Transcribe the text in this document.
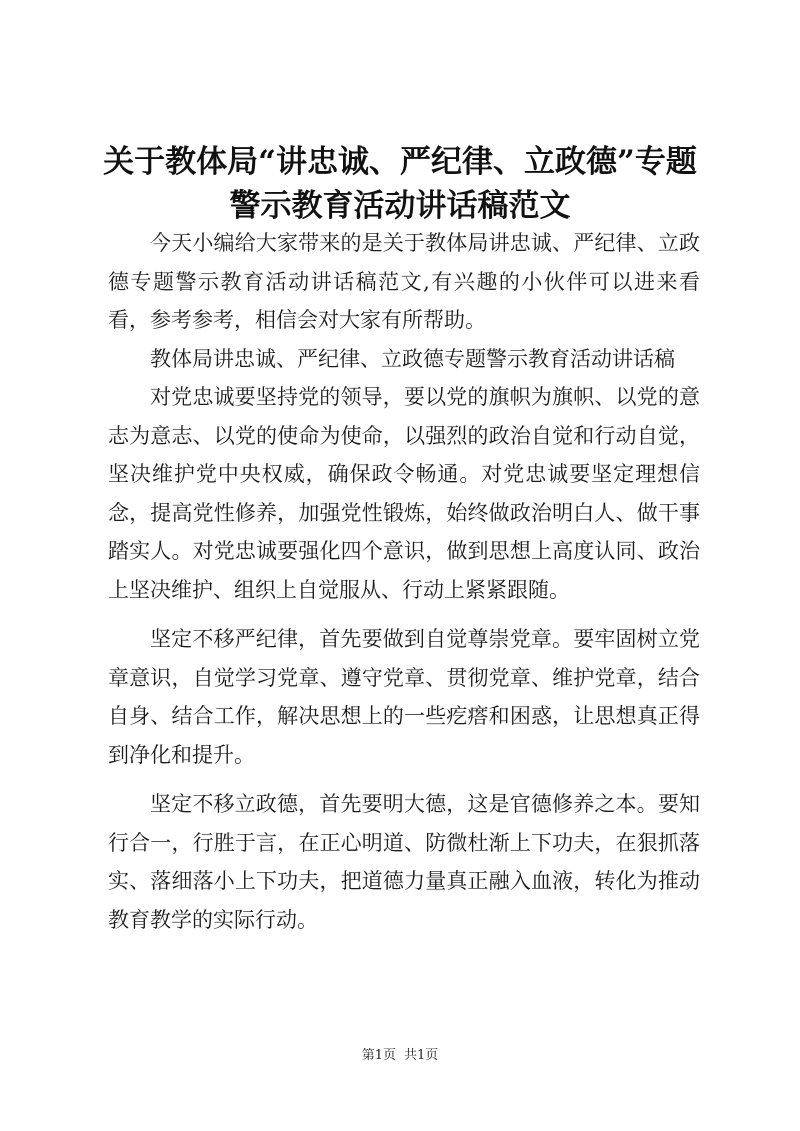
关于教体局“讲忠诚、严纪律、立政德”专题
警示教育活动讲话稿范文

今天小编给大家带来的是关于教体局讲忠诚、严纪律、立政德专题警示教育活动讲话稿范文,有兴趣的小伙伴可以进来看看，参考参考，相信会对大家有所帮助。

教体局讲忠诚、严纪律、立政德专题警示教育活动讲话稿

对党忠诚要坚持党的领导，要以党的旗帜为旗帜、以党的意志为意志、以党的使命为使命，以强烈的政治自觉和行动自觉，坚决维护党中央权威，确保政令畅通。对党忠诚要坚定理想信念，提高党性修养，加强党性锻炼，始终做政治明白人、做干事踏实人。对党忠诚要强化四个意识，做到思想上高度认同、政治上坚决维护、组织上自觉服从、行动上紧紧跟随。

坚定不移严纪律，首先要做到自觉尊崇党章。要牢固树立党章意识，自觉学习党章、遵守党章、贯彻党章、维护党章，结合自身、结合工作，解决思想上的一些疙瘩和困惑，让思想真正得到净化和提升。

坚定不移立政德，首先要明大德，这是官德修养之本。要知行合一，行胜于言，在正心明道、防微杜渐上下功夫，在狠抓落实、落细落小上下功夫，把道德力量真正融入血液，转化为推动教育教学的实际行动。

第1页 共1页
